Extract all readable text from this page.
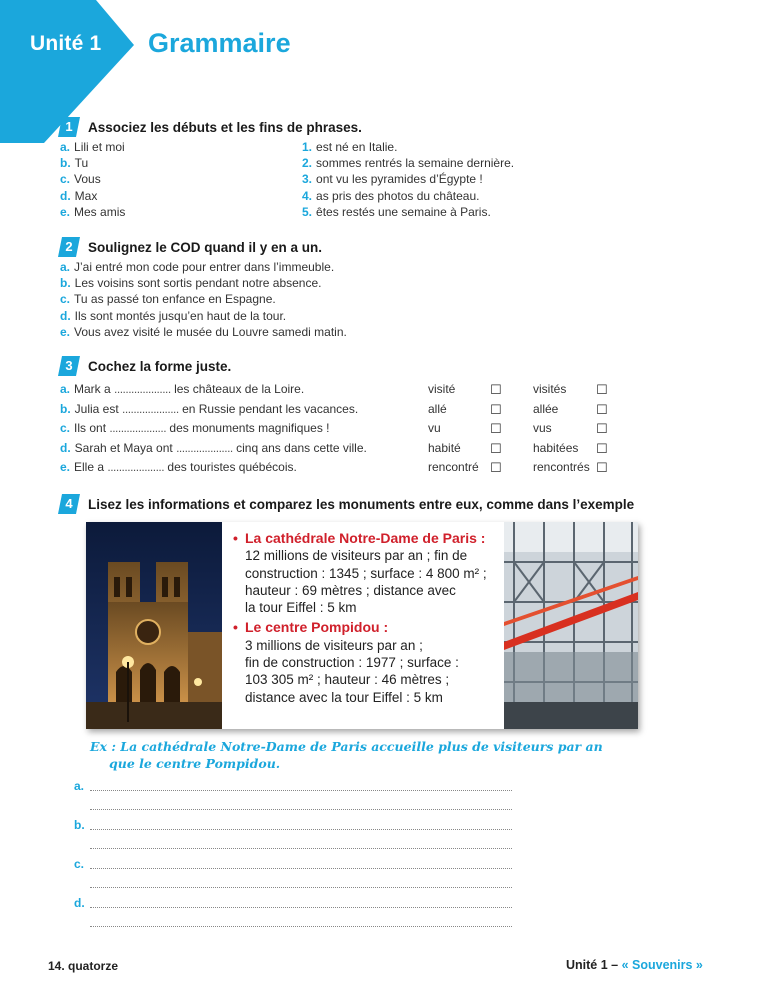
Unité 1 Grammaire
1	Associez les débuts et les fins de phrases.
a. Lili et moi
b. Tu
c. Vous
d. Max
e. Mes amis
1. est né en Italie.
2. sommes rentrés la semaine dernière.
3. ont vu les pyramides d’Égypte !
4. as pris des photos du château.
5. êtes restés une semaine à Paris.
2	Soulignez le COD quand il y en a un.
a. J’ai entré mon code pour entrer dans l’immeuble.
b. Les voisins sont sortis pendant notre absence.
c. Tu as passé ton enfance en Espagne.
d. Ils sont montés jusqu’en haut de la tour.
e. Vous avez visité le musée du Louvre samedi matin.
3	Cochez la forme juste.
a. Mark a .................... les châteaux de la Loire.	visité	☐	visités ☐
b. Julia est .................... en Russie pendant les vacances.	allé	☐	allée	☐
c. Ils ont .................... des monuments magnifiques !	vu	☐	vus	☐
d. Sarah et Maya ont .................... cinq ans dans cette ville.	habité ☐	habitées ☐
e. Elle a .................... des touristes québécois.	rencontré ☐	rencontrés ☐
4	Lisez les informations et comparez les monuments entre eux, comme dans l’exemple
• La cathédrale Notre-Dame de Paris :
12 millions de visiteurs par an ; fin de
construction : 1345 ; surface : 4 800 m² ;
hauteur : 69 mètres ; distance avec
la tour Eiffel : 5 km
• Le centre Pompidou :
3 millions de visiteurs par an ;
fin de construction : 1977 ; surface :
103 305 m² ; hauteur : 46 mètres ;
distance avec la tour Eiffel : 5 km
Ex : La cathédrale Notre-Dame de Paris accueille plus de visiteurs par an
que le centre Pompidou.
a.
b.
c.
d.
14. quatorze	Unité 1 – « Souvenirs »
